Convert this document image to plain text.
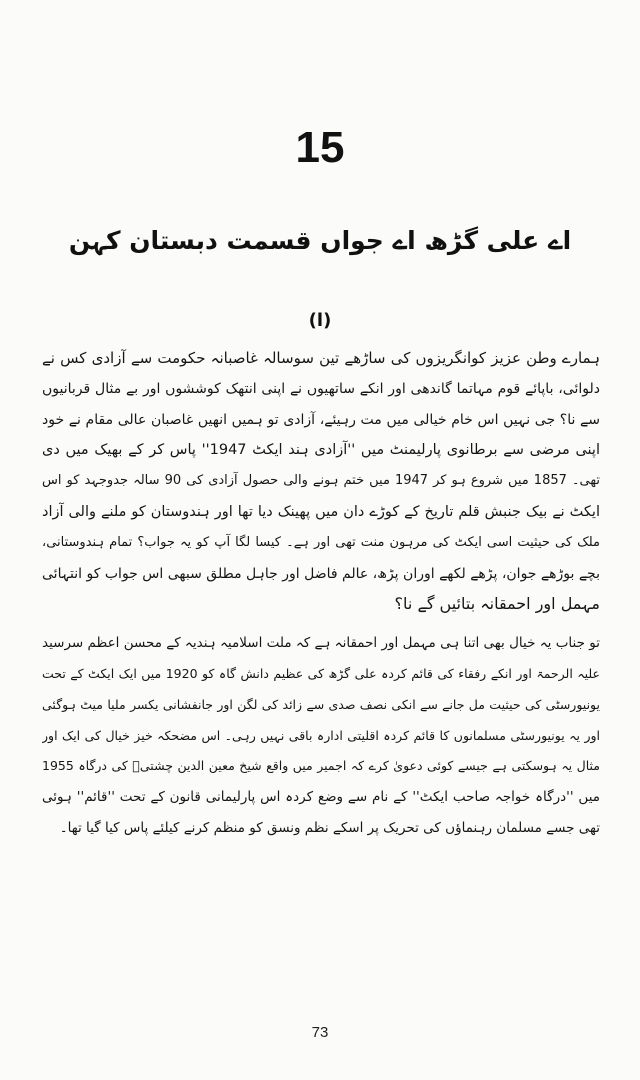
15
اے علی گڑھ اے جواں قسمت دبستان کہن
(ا)
ہمارے وطن عزیز کوانگریزوں کی ساڑھے تین سوسالہ غاصبانہ حکومت سے آزادی کس نے
دلوائی، باپائے قوم مہاتما گاندھی اور انکے ساتھیوں نے اپنی انتھک کوششوں اور بے مثال قربانیوں
سے نا؟ جی نہیں اس خام خیالی میں مت رہیئے، آزادی تو ہمیں انھیں غاصبان عالی مقام نے خود
اپنی مرضی سے برطانوی پارلیمنٹ میں ''آزادی ہند ایکٹ 1947'' پاس کر کے بھیک میں دی
تھی۔ 1857 میں شروع ہو کر 1947 میں ختم ہونے والی حصول آزادی کی 90 سالہ جدوجہد کو اس
ایکٹ نے بیک جنبش قلم تاریخ کے کوڑے دان میں پھینک دیا تھا اور ہندوستان کو ملنے والی آزاد
ملک کی حیثیت اسی ایکٹ کی مرہون منت تھی اور ہے۔ کیسا لگا آپ کو یہ جواب؟ تمام ہندوستانی،
بچے بوڑھے جوان، پڑھے لکھے اوران پڑھ، عالم فاضل اور جاہل مطلق سبھی اس جواب کو انتہائی
مہمل اور احمقانہ بتائیں گے نا؟
تو جناب یہ خیال بھی اتنا ہی مہمل اور احمقانہ ہے کہ ملت اسلامیہ ہندیہ کے محسن اعظم سرسید
علیہ الرحمۃ اور انکے رفقاء کی قائم کردہ علی گڑھ کی عظیم دانش گاہ کو 1920 میں ایک ایکٹ کے تحت
یونیورسٹی کی حیثیت مل جانے سے انکی نصف صدی سے زائد کی لگن اور جانفشانی یکسر ملیا میٹ ہوگئی
اور یہ یونیورسٹی مسلمانوں کا قائم کردہ اقلیتی ادارہ باقی نہیں رہی۔ اس مضحکہ خیز خیال کی ایک اور
مثال یہ ہوسکتی ہے جیسے کوئی دعویٰ کرے کہ اجمیر میں واقع شیخ معین الدین چشتیؒ کی درگاہ 1955
میں ''درگاہ خواجہ صاحب ایکٹ'' کے نام سے وضع کردہ اس پارلیمانی قانون کے تحت ''قائم'' ہوئی
تھی جسے مسلمان رہنماؤں کی تحریک پر اسکے نظم ونسق کو منظم کرنے کیلئے پاس کیا گیا تھا۔
73
